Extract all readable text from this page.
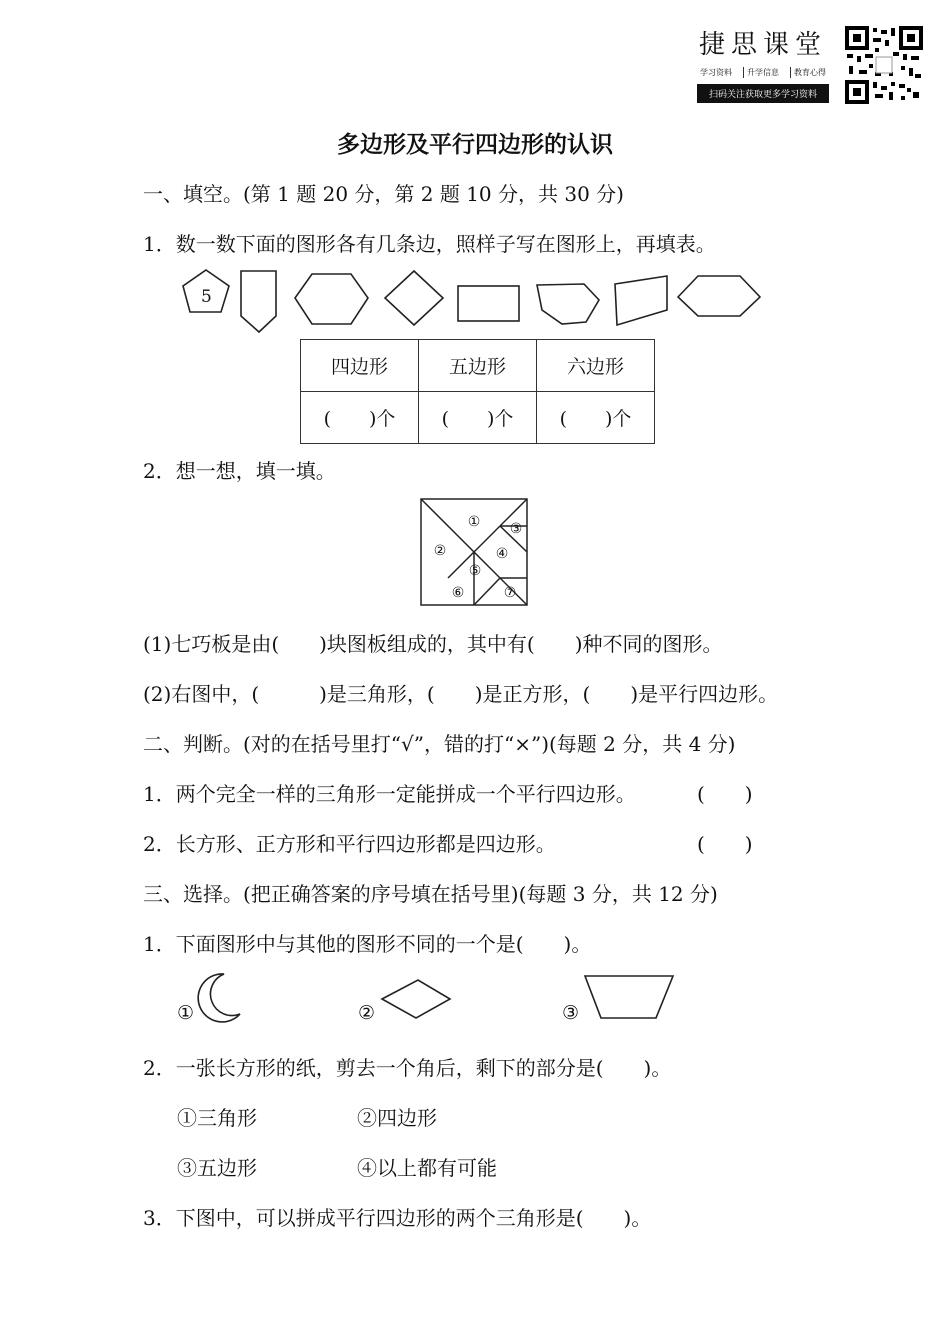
捷思课堂
学习资料	升学信息	教育心得
扫码关注获取更多学习资料
多边形及平行四边形的认识
一、填空。(第 1 题 20 分，第 2 题 10 分，共 30 分)
1．数一数下面的图形各有几条边，照样子写在图形上，再填表。
5
四边形	五边形	六边形
(　　)个	(　　)个	(　　)个
2．想一想，填一填。
①
②
③
④
⑤
⑥	⑦
(1)七巧板是由(　　)块图板组成的，其中有(　　)种不同的图形。
(2)右图中，(　　　)是三角形，(　　)是正方形，(　　)是平行四边形。
二、判断。(对的在括号里打“√”，错的打“×”)(每题 2 分，共 4 分)
1．两个完全一样的三角形一定能拼成一个平行四边形。	(　　)
2．长方形、正方形和平行四边形都是四边形。	(　　)
三、选择。(把正确答案的序号填在括号里)(每题 3 分，共 12 分)
1．下面图形中与其他的图形不同的一个是(　　)。
①	②	③
2．一张长方形的纸，剪去一个角后，剩下的部分是(　　)。
①三角形	②四边形
③五边形	④以上都有可能
3．下图中，可以拼成平行四边形的两个三角形是(　　)。
